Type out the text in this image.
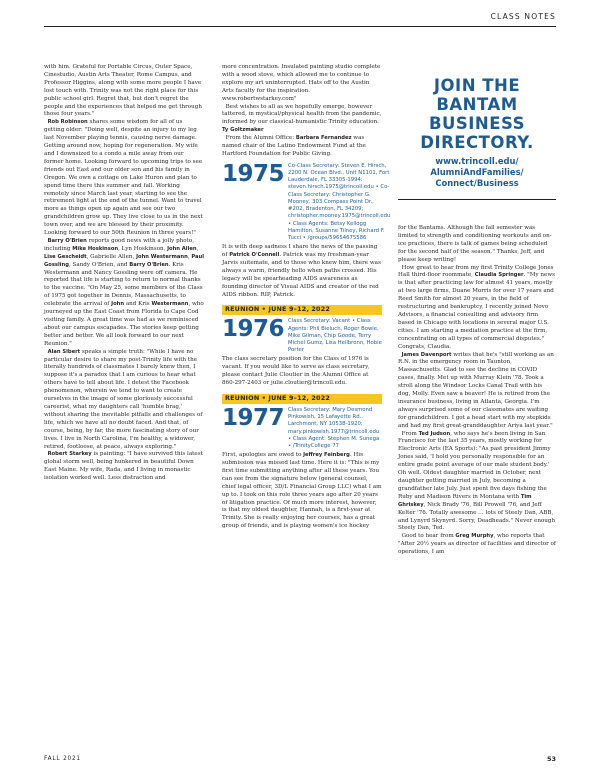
CLASS NOTES

with him. Grateful for Portable Circus, Outer Space, Cinestudio, Austin Arts Theater, Rome Campus, and Professor Higgins, along with some more people I have lost touch with. Trinity was not the right place for this public school girl. Regret that, but don't regret the people and the experiences that helped me get through those four years."

Rob Robinson shares some wisdom for all of us getting older: "Doing well, despite an injury to my leg last November playing tennis, causing nerve damage. Getting around now, hoping for regeneration. My wife and I downsized to a condo a mile away from our former home. Looking forward to upcoming trips to see friends out East and our older son and his family in Oregon. We own a cottage on Lake Huron and plan to spend time there this summer and fall. Working remotely since March last year, starting to see the retirement light at the end of the tunnel. Want to travel more as things open up again and see our two grandchildren grow up. They live close to us in the next town over, and we are blessed by their proximity. Looking forward to our 50th Reunion in three years!"

Barry O'Brien reports good news with a jolly photo, including Mike Hoskinson, Lyn Hoskinson, John Allen, Lise Gescheidt, Gabrielle Allen, John Westermann, Paul Gossling, Sandy O'Brien, and Barry O'Brien. Kris Westermann and Nancy Gossling were off camera. He reported that life is starting to return to normal thanks to the vaccine. "On May 25, some members of the Class of 1975 got together in Dennis, Massachusetts, to celebrate the arrival of John and Kris Westermann, who journeyed up the East Coast from Florida to Cape Cod visiting family. A great time was had as we reminisced about our campus escapades. The stories keep getting better and better. We all look forward to our next Reunion."

Alan Sibert speaks a simple truth: "While I have no particular desire to share my post-Trinity life with the literally hundreds of classmates I barely knew then, I suppose it's a paradox that I am curious to hear what others have to tell about life. I detest the Facebook phenomenon, wherein we tend to want to create ourselves in the image of some gloriously successful careerist, what my daughters call 'humble brag,' without sharing the inevitable pitfalls and challenges of life, which we have all no doubt faced. And that, of course, being, by far, the more fascinating story of our lives. I live in North Carolina, I'm healthy, a widower, retired, footloose, at peace, always exploring."

Robert Starkey is painting: "I have survived this latest global storm well, being hunkered in beautiful Down East Maine. My wife, Rada, and I living in monastic isolation worked well. Less distraction and

more concentration. Insulated painting studio complete with a wood stove, which allowed me to continue to explore my art uninterrupted. Hats off to the Austin Arts faculty for the inspiration. www.robertwstarkey.com"

Best wishes to all as we hopefully emerge, however tattered, in mystical/physical health from the pandemic, informed by our classical-humanistic Trinity education.

Ty Goltzmaker

From the Alumni Office: Barbara Fernandez was named chair of the Latino Endowment Fund at the Hartford Foundation for Public Giving.

1975 Co-Class Secretary: Steven E. Hirsch, 2200 N. Ocean Blvd., Unit N1101, Fort Lauderdale, FL 33305-1994; steven.hirsch.1975@trincoll.edu • Co-Class Secretary: Christopher G. Mooney, 303 Compass Point Dr., #202, Bradenton, FL 34209; christopher.mooney.1975@trincoll.edu • Class Agents: Betsy Kellogg Hamilton, Susanne Tilney, Richard F. Tucci • /groups/59654675586

It is with deep sadness I share the news of the passing of Patrick O'Connell. Patrick was my freshman-year Jarvis suitemate, and to those who knew him, there was always a warm, friendly hello when paths crossed. His legacy will be spearheading AIDS awareness as founding director of Visual AIDS and creator of the red AIDS ribbon. RIP, Patrick.

REUNION • JUNE 9–12, 2022
1976 Class Secretary: Vacant • Class Agents: Phil Bieluch, Roger Bowie, Mike Gilman, Chip Goode, Terry Michel Gumz, Lisa Heilbronn, Hobie Porter

The class secretary position for the Class of 1976 is vacant. If you would like to serve as class secretary, please contact Julie Cloutier in the Alumni Office at 860-297-2403 or julie.cloutier@trincoll.edu.

REUNION • JUNE 9–12, 2022
1977 Class Secretary: Mary Desmond Pinkowish, 15 Lafayette Rd., Larchmont, NY 10538-1920; mary.pinkowish.1977@trincoll.edu • Class Agent: Stephen M. Sunega • /TrinityCollege 77

First, apologies are owed to Jeffrey Feinberg. His submission was missed last time. Here it is: "This is my first time submitting anything after all these years. You can see from the signature below (general counsel, chief legal officer, 3D/L Financial Group LLC) what I am up to. I took on this role three years ago after 20 years of litigation practice. Of much more interest, however, is that my oldest daughter, Hannah, is a first-year at Trinity. She is really enjoying her courses, has a great group of friends, and is playing women's ice hockey

JOIN THE
BANTAM
BUSINESS
DIRECTORY.
www.trincoll.edu/
AlumniAndFamilies/
Connect/Business

for the Bantams. Although the fall semester was limited to strength and conditioning workouts and on-ice practices, there is talk of games being scheduled for the second half of the season." Thanks, Jeff, and please keep writing!

How great to hear from my first Trinity College Jones Hall third-floor roommate, Claudia Springer. "My news is that after practicing law for almost 41 years, mostly at two large firms, Duane Morris for over 17 years and Reed Smith for almost 20 years, in the field of restructuring and bankruptcy, I recently joined Novo Advisors, a financial consulting and advisory firm based in Chicago with locations in several major U.S. cities. I am starting a mediation practice at the firm, concentrating on all types of commercial disputes." Congrats, Claudia.

James Davenport writes that he's "still working as an R.N. in the emergency room in Taunton, Massachusetts. Glad to see the decline in COVID cases, finally. Met up with Murray Klein '78. Took a stroll along the Windsor Locks Canal Trail with his dog, Molly. Even saw a beaver! He is retired from the insurance business, living in Atlanta, Georgia. I'm always surprised some of our classmates are waiting for grandchildren. I got a head start with my stepkids and had my first great-granddaughter Ariya last year."

From Ted Judson, who says he's been living in San Francisco for the last 35 years, mostly working for Electronic Arts (EA Sports): "As past president Jimmy Jones said, 'I hold you personally responsible for an entire grade point average of our male student body.' Oh well. Oldest daughter married in October, next daughter getting married in July, becoming a grandfather late July. Just spent five days fishing the Ruby and Madison Rivers in Montana with Tim Ghriskey, Nick Brady '76, Bill Prowell '76, and Jeff Kelter '76. Totally awesome … lots of Steely Dan, ABB, and Lynyrd Skynyrd. Sorry, Deadheads." Never enough Steely Dan, Ted.

Good to hear from Greg Murphy, who reports that "After 20½ years as director of facilities and director of operations, I am

FALL 2021	53
